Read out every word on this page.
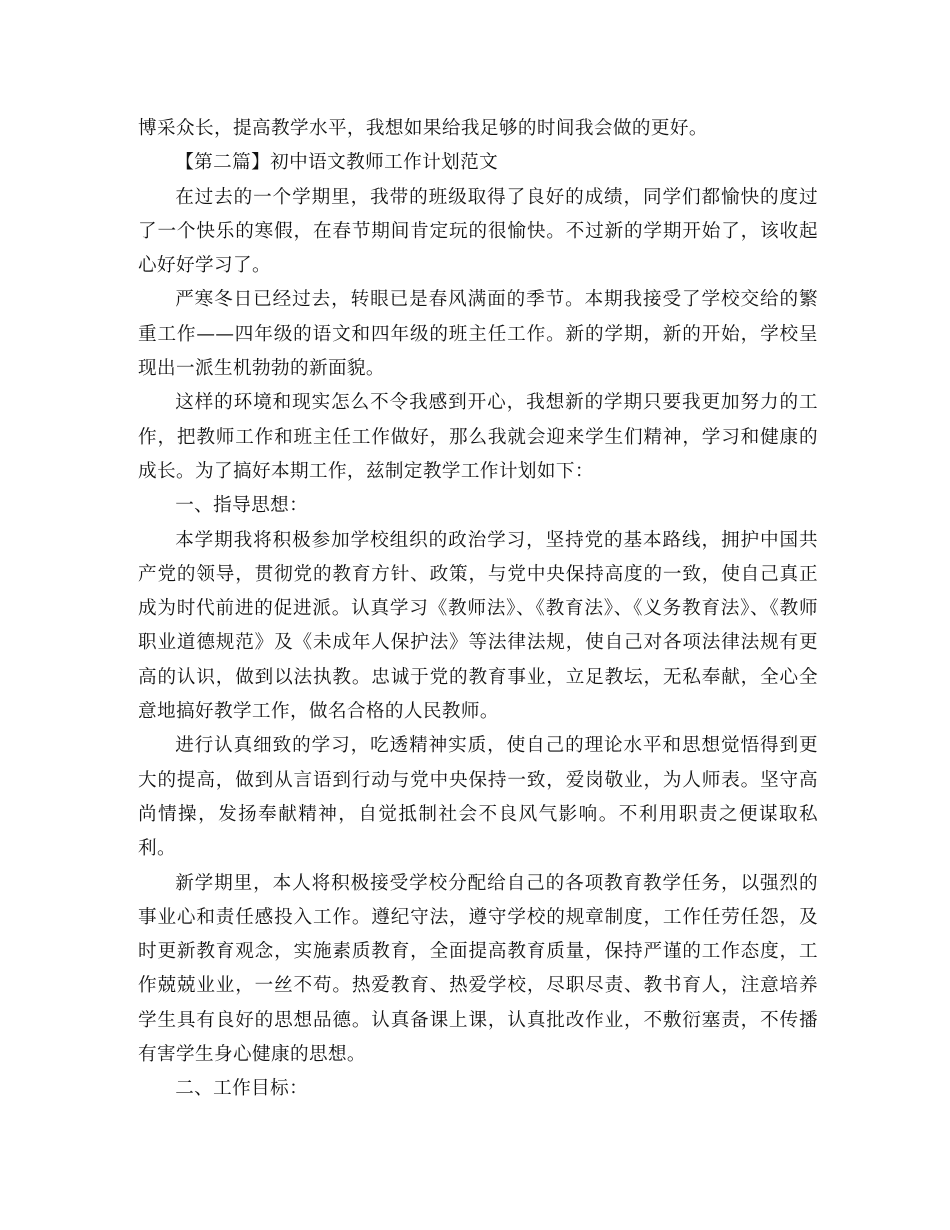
博采众长，提高教学水平，我想如果给我足够的时间我会做的更好。

【第二篇】初中语文教师工作计划范文

在过去的一个学期里，我带的班级取得了良好的成绩，同学们都愉快的度过了一个快乐的寒假，在春节期间肯定玩的很愉快。不过新的学期开始了，该收起心好好学习了。

严寒冬日已经过去，转眼已是春风满面的季节。本期我接受了学校交给的繁重工作——四年级的语文和四年级的班主任工作。新的学期，新的开始，学校呈现出一派生机勃勃的新面貌。

这样的环境和现实怎么不令我感到开心，我想新的学期只要我更加努力的工作，把教师工作和班主任工作做好，那么我就会迎来学生们精神，学习和健康的成长。为了搞好本期工作，兹制定教学工作计划如下：

一、指导思想：

本学期我将积极参加学校组织的政治学习，坚持党的基本路线，拥护中国共产党的领导，贯彻党的教育方针、政策，与党中央保持高度的一致，使自己真正成为时代前进的促进派。认真学习《教师法》、《教育法》、《义务教育法》、《教师职业道德规范》及《未成年人保护法》等法律法规，使自己对各项法律法规有更高的认识，做到以法执教。忠诚于党的教育事业，立足教坛，无私奉献，全心全意地搞好教学工作，做名合格的人民教师。

进行认真细致的学习，吃透精神实质，使自己的理论水平和思想觉悟得到更大的提高，做到从言语到行动与党中央保持一致，爱岗敬业，为人师表。坚守高尚情操，发扬奉献精神，自觉抵制社会不良风气影响。不利用职责之便谋取私利。

新学期里，本人将积极接受学校分配给自己的各项教育教学任务，以强烈的事业心和责任感投入工作。遵纪守法，遵守学校的规章制度，工作任劳任怨，及时更新教育观念，实施素质教育，全面提高教育质量，保持严谨的工作态度，工作兢兢业业，一丝不苟。热爱教育、热爱学校，尽职尽责、教书育人，注意培养学生具有良好的思想品德。认真备课上课，认真批改作业，不敷衍塞责，不传播有害学生身心健康的思想。

二、工作目标：
